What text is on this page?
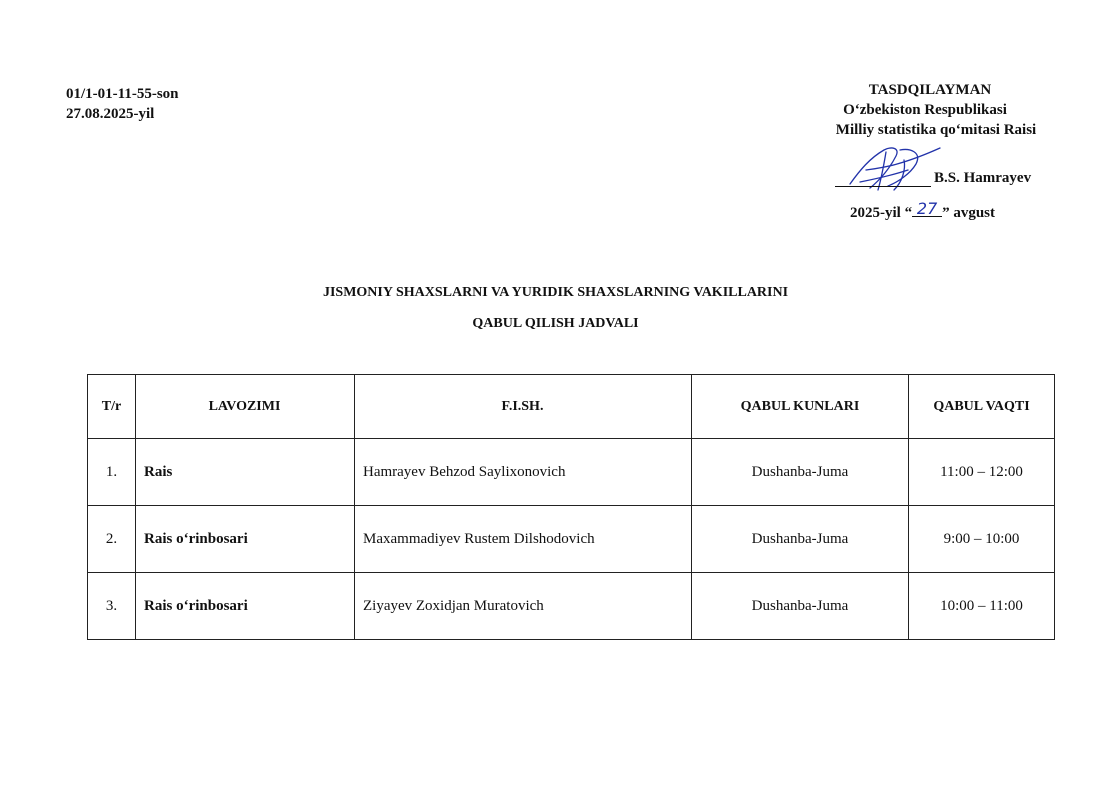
01/1-01-11-55-son
27.08.2025-yil
TASDQILAYMAN
O‘zbekiston Respublikasi
Milliy statistika qo‘mitasi Raisi
B.S. Hamrayev
2025-yil “ 27 ” avgust
JISMONIY SHAXSLARNI VA YURIDIK SHAXSLARNING VAKILLARINI
QABUL QILISH JADVALI
T/r	LAVOZIMI	F.I.SH.	QABUL KUNLARI	QABUL VAQTI
1.	Rais	Hamrayev Behzod Saylixonovich	Dushanba-Juma	11:00 – 12:00
2.	Rais o‘rinbosari	Maxammadiyev Rustem Dilshodovich	Dushanba-Juma	9:00 – 10:00
3.	Rais o‘rinbosari	Ziyayev Zoxidjan Muratovich	Dushanba-Juma	10:00 – 11:00
